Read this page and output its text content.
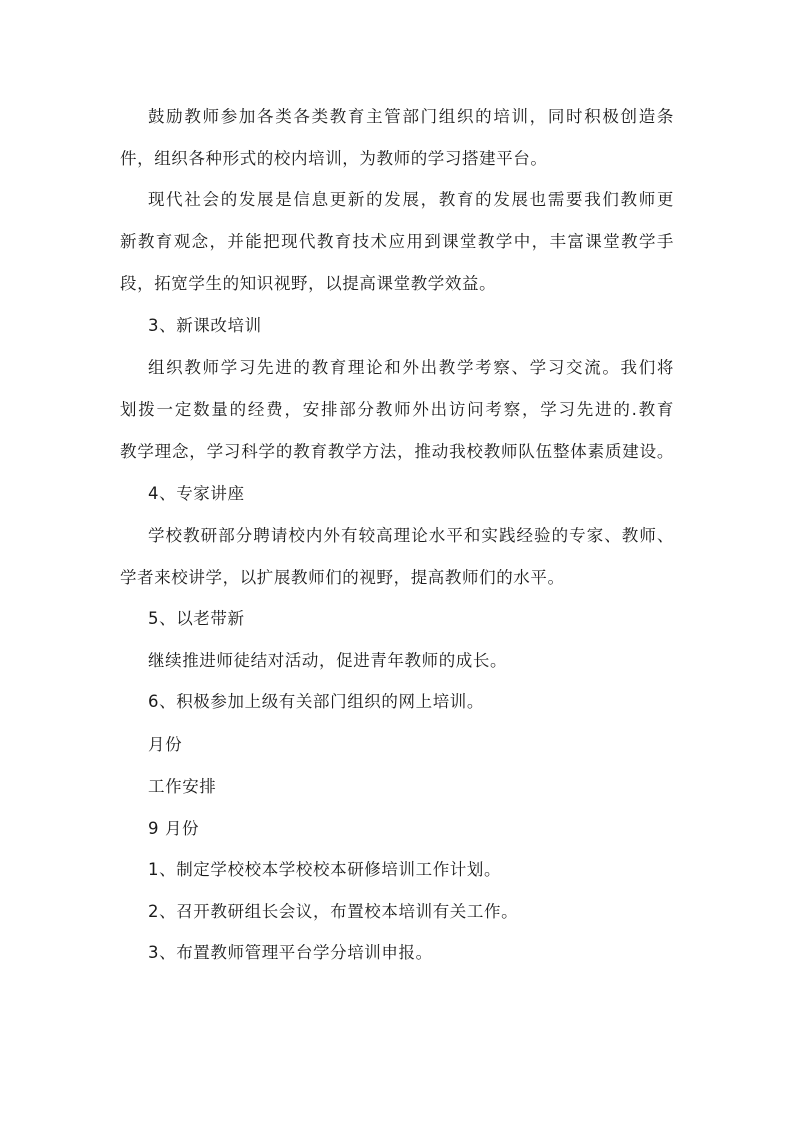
鼓励教师参加各类各类教育主管部门组织的培训，同时积极创造条
件，组织各种形式的校内培训，为教师的学习搭建平台。
现代社会的发展是信息更新的发展，教育的发展也需要我们教师更
新教育观念，并能把现代教育技术应用到课堂教学中，丰富课堂教学手
段，拓宽学生的知识视野，以提高课堂教学效益。
3、新课改培训
组织教师学习先进的教育理论和外出教学考察、学习交流。我们将
划拨一定数量的经费，安排部分教师外出访问考察，学习先进的.教育
教学理念，学习科学的教育教学方法，推动我校教师队伍整体素质建设。
4、专家讲座
学校教研部分聘请校内外有较高理论水平和实践经验的专家、教师、
学者来校讲学，以扩展教师们的视野，提高教师们的水平。
5、以老带新
继续推进师徒结对活动，促进青年教师的成长。
6、积极参加上级有关部门组织的网上培训。
月份
工作安排
9 月份
1、制定学校校本学校校本研修培训工作计划。
2、召开教研组长会议，布置校本培训有关工作。
3、布置教师管理平台学分培训申报。
